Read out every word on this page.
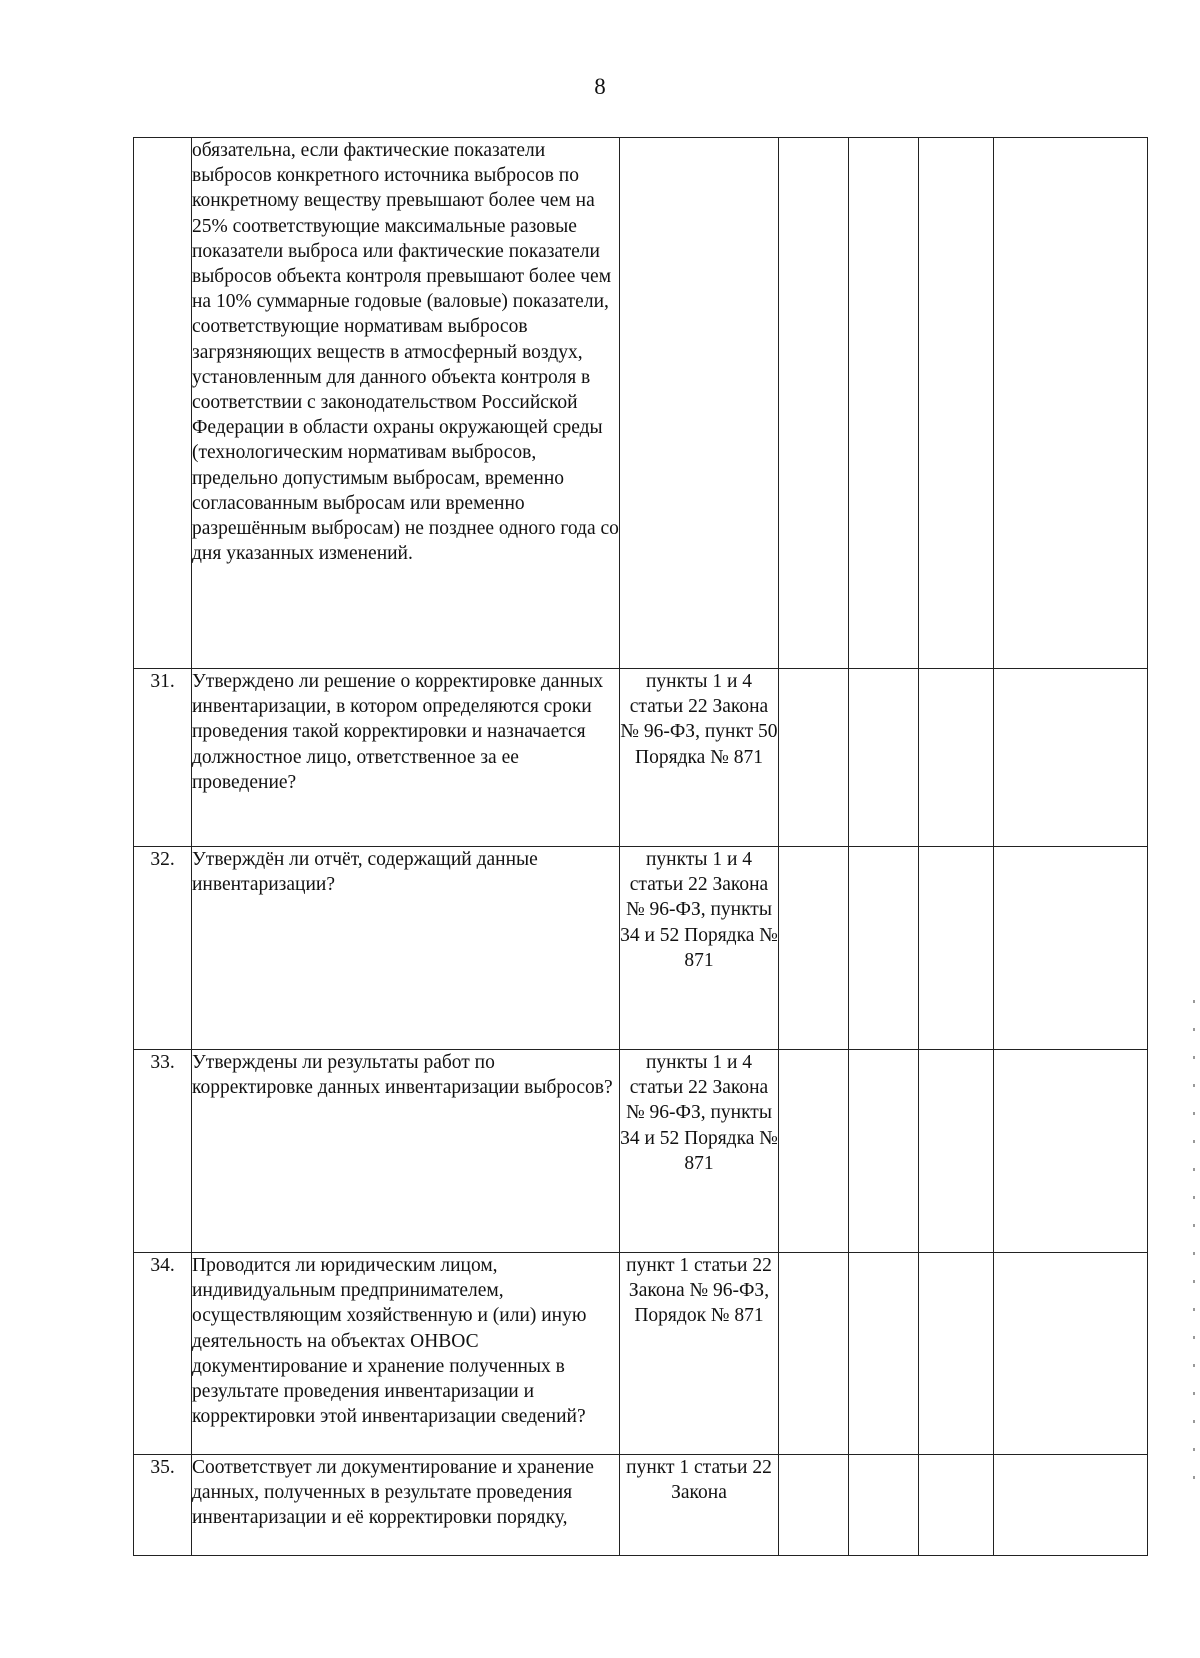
8
	обязательна, если фактические показатели выбросов конкретного источника выбросов по конкретному веществу превышают более чем на 25% соответствующие максимальные разовые показатели выброса или фактические показатели выбросов объекта контроля превышают более чем на 10% суммарные годовые (валовые) показатели, соответствующие нормативам выбросов загрязняющих веществ в атмосферный воздух, установленным для данного объекта контроля в соответствии с законодательством Российской Федерации в области охраны окружающей среды (технологическим нормативам выбросов, предельно допустимым выбросам, временно согласованным выбросам или временно разрешённым выбросам) не позднее одного года со дня указанных изменений.					
31.	Утверждено ли решение о корректировке данных инвентаризации, в котором определяются сроки проведения такой корректировки и назначается должностное лицо, ответственное за ее проведение?	пункты 1 и 4 статьи 22 Закона № 96-ФЗ, пункт 50 Порядка № 871				
32.	Утверждён ли отчёт, содержащий данные инвентаризации?	пункты 1 и 4 статьи 22 Закона № 96-ФЗ, пункты 34 и 52 Порядка № 871				
33.	Утверждены ли результаты работ по корректировке данных инвентаризации выбросов?	пункты 1 и 4 статьи 22 Закона № 96-ФЗ, пункты 34 и 52 Порядка № 871				
34.	Проводится ли юридическим лицом, индивидуальным предпринимателем, осуществляющим хозяйственную и (или) иную деятельность на объектах ОНВОС документирование и хранение полученных в результате проведения инвентаризации и корректировки этой инвентаризации сведений?	пункт 1 статьи 22 Закона № 96-ФЗ, Порядок № 871				
35.	Соответствует ли документирование и хранение данных, полученных в результате проведения инвентаризации и её корректировки порядку,	пункт 1 статьи 22 Закона				
